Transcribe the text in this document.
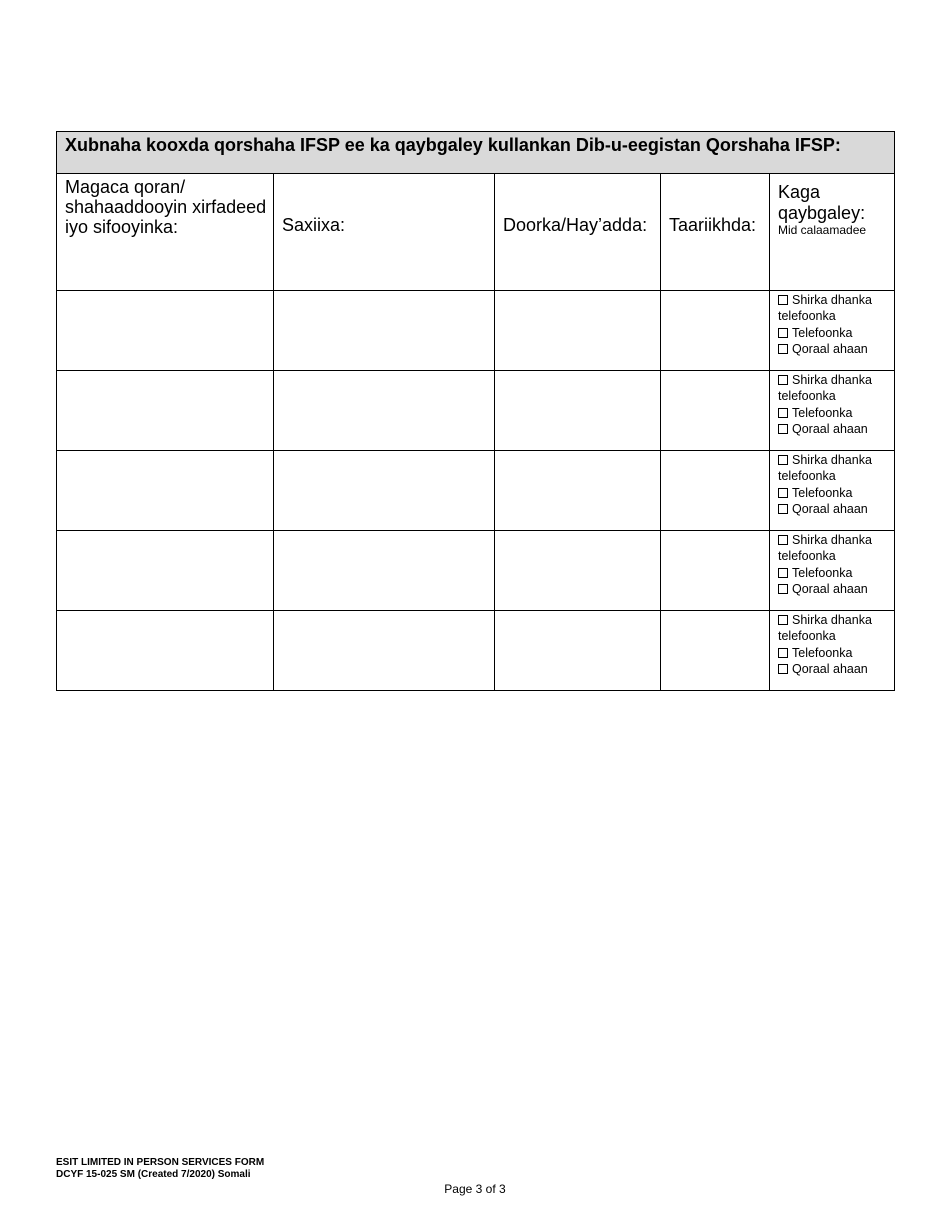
Xubnaha kooxda qorshaha IFSP ee ka qaybgaley kullankan Dib-u-eegistan Qorshaha IFSP:				
Magaca qoran/ shahaaddooyin xirfadeed iyo sifooyinka:	Saxiixa:	Doorka/Hay’adda:	Taariikhda:	Kaga qaybgaley:
Mid calaamadee

				Shirka dhanka telefoonka
Telefoonka
Qoraal ahaan

				Shirka dhanka telefoonka
Telefoonka
Qoraal ahaan

				Shirka dhanka telefoonka
Telefoonka
Qoraal ahaan

				Shirka dhanka telefoonka
Telefoonka
Qoraal ahaan

				Shirka dhanka telefoonka
Telefoonka
Qoraal ahaan
ESIT LIMITED IN PERSON SERVICES FORM
DCYF 15-025 SM (Created 7/2020) Somali
Page 3 of 3
